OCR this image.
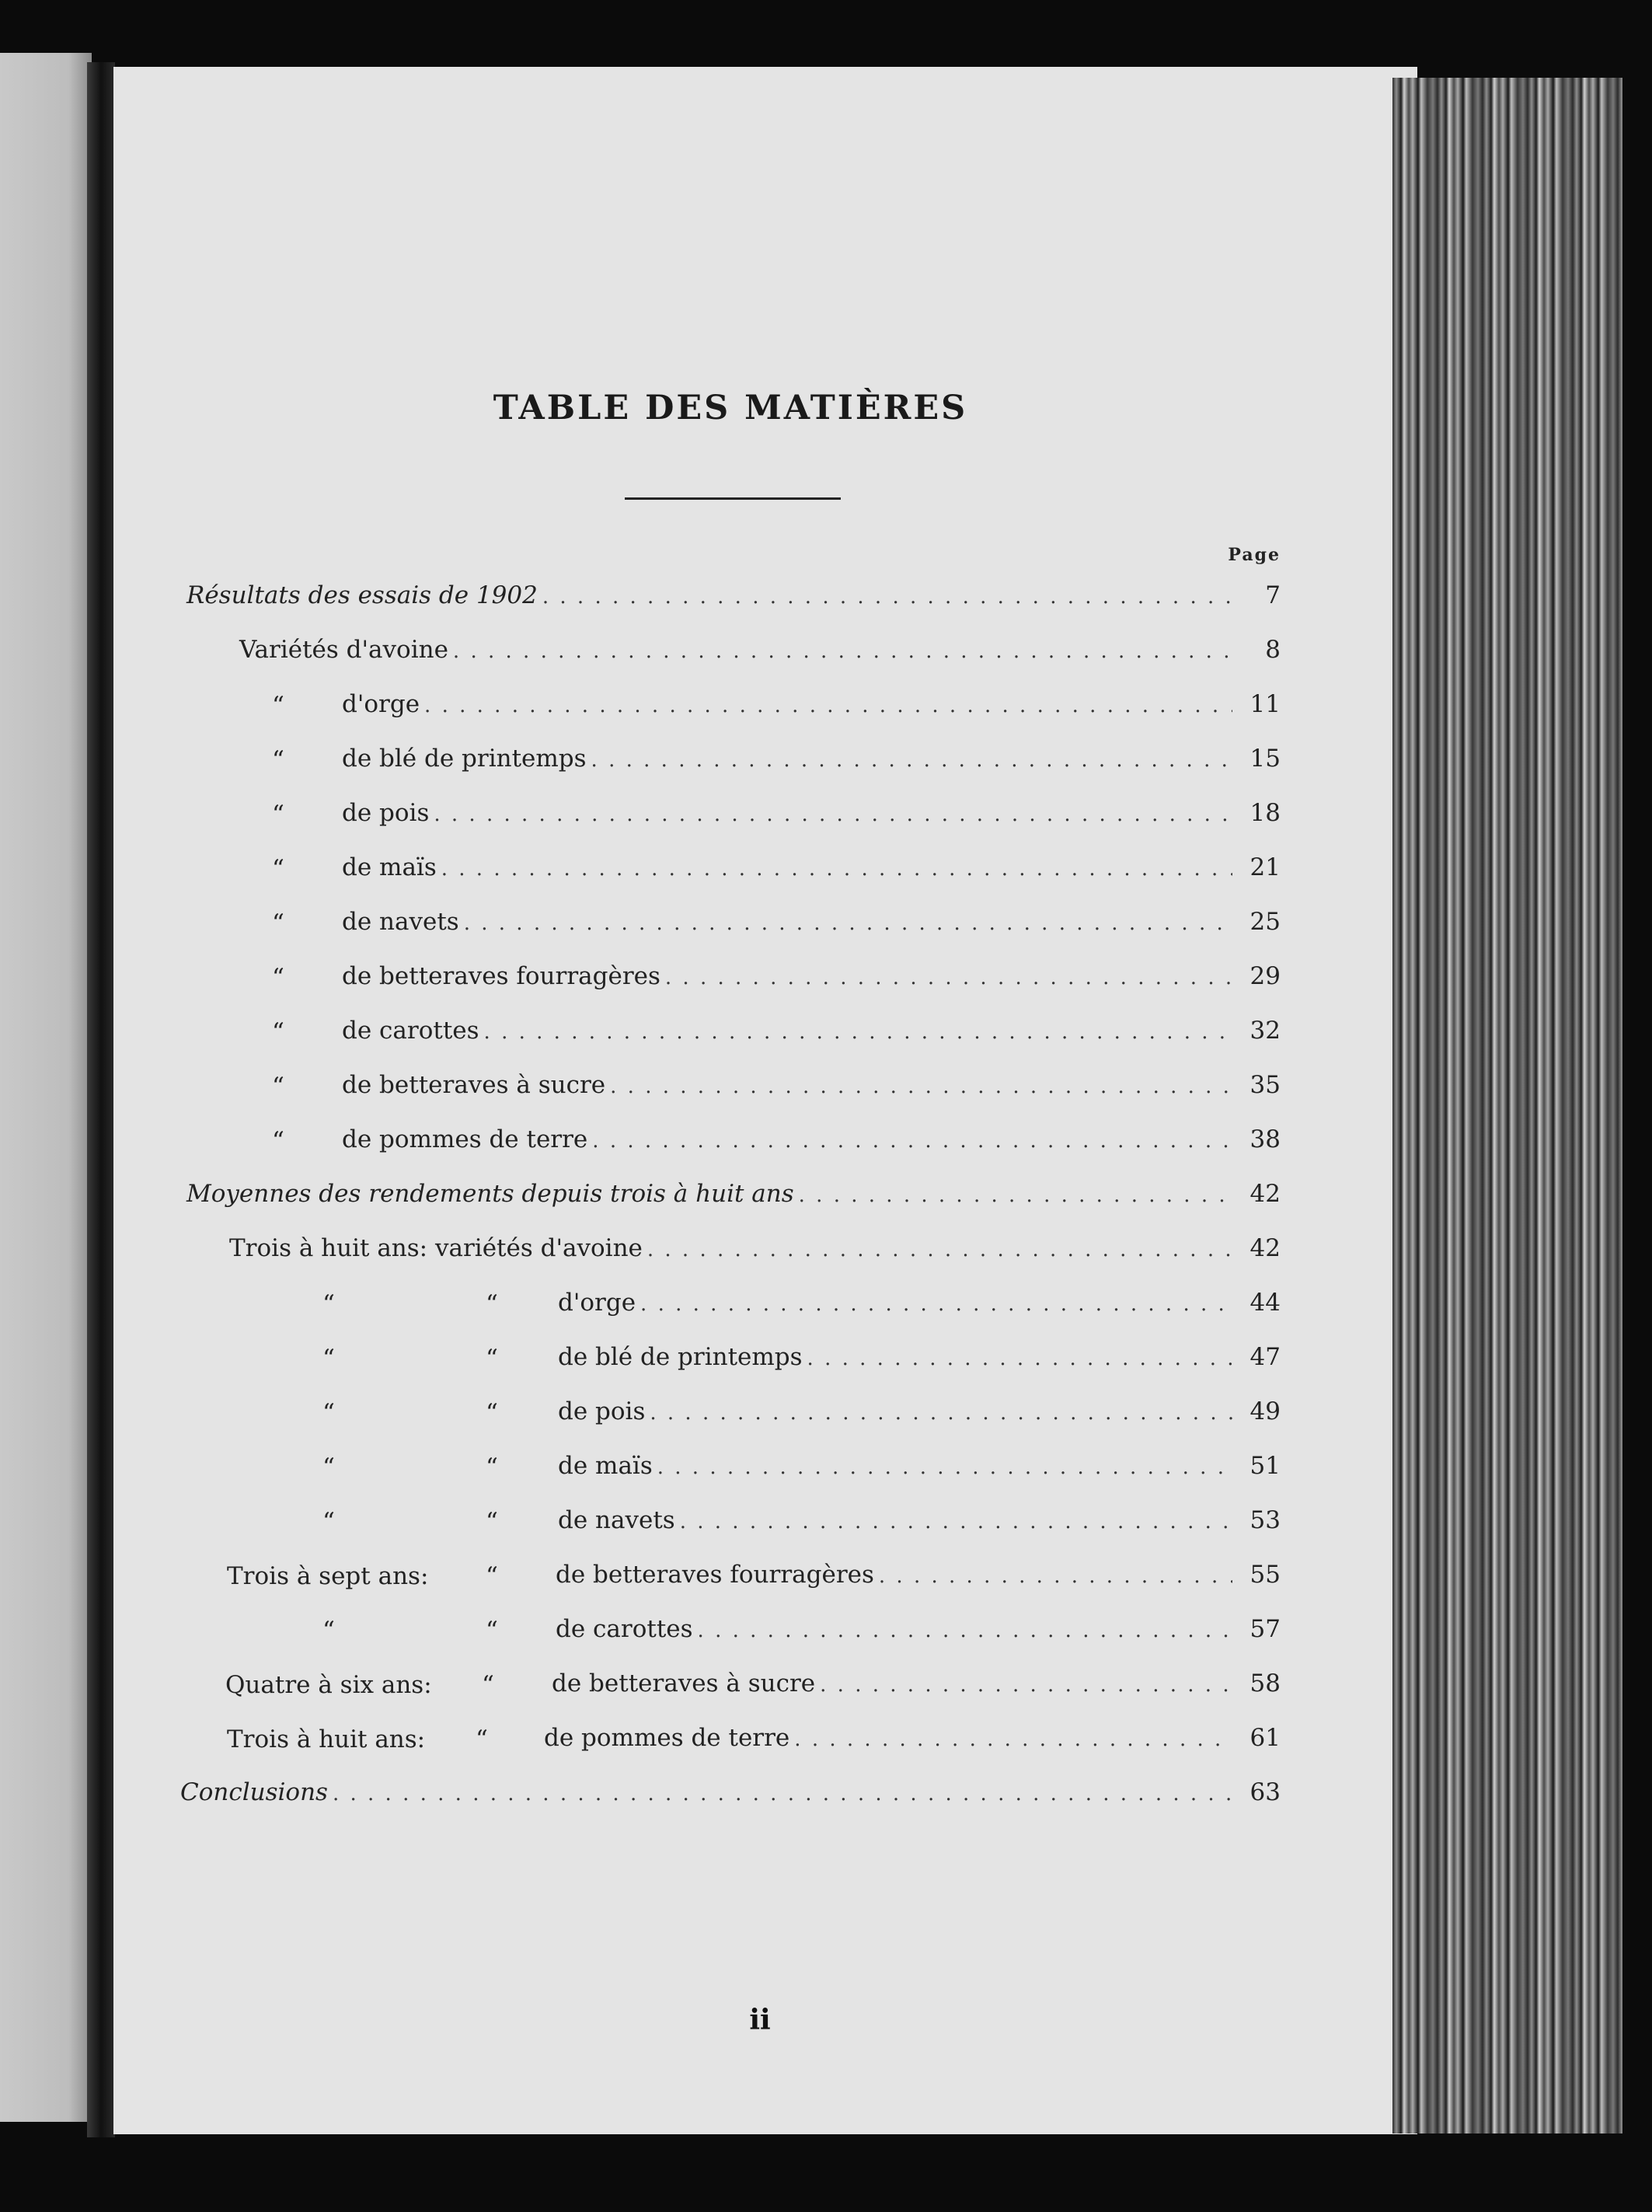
TABLE DES MATIÈRES
Page
Résultats des essais de 1902 . . .	7
Variétés d'avoine . . .	8
“ d'orge . . .	11
“ de blé de printemps . . .	15
“ de pois . . .	18
“ de maïs . . .	21
“ de navets . . .	25
“ de betteraves fourragères . . .	29
“ de carottes . . .	32
“ de betteraves à sucre . . .	35
“ de pommes de terre . . .	38
Moyennes des rendements depuis trois à huit ans . . .	42
Trois à huit ans: variétés d'avoine . . .	42
“	“ d'orge . . .	44
“	“ de blé de printemps . . .	47
“	“ de pois . . .	49
“	“ de maïs . . .	51
“	“ de navets . . .	53
Trois à sept ans: “ de betteraves fourragères . . .	55
“	“ de carottes . . .	57
Quatre à six ans: “ de betteraves à sucre . . .	58
Trois à huit ans: “ de pommes de terre . . .	61
Conclusions . . .	63
ii
